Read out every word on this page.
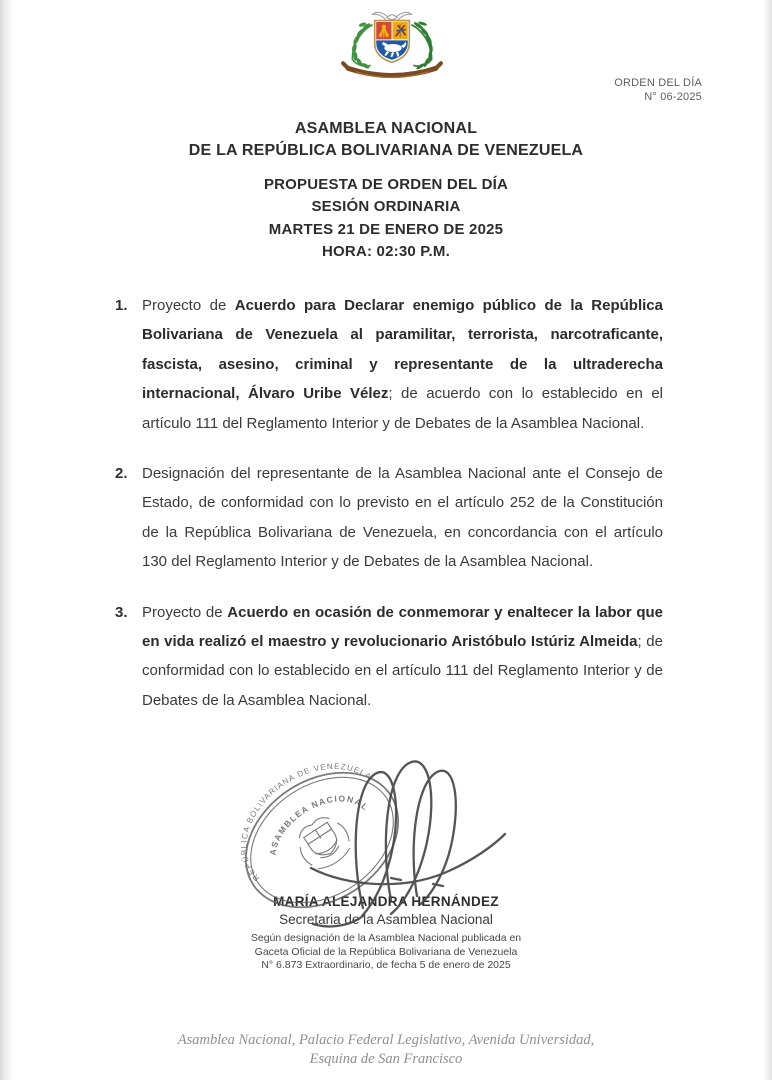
ORDEN DEL DÍA
N° 06-2025
ASAMBLEA NACIONAL
DE LA REPÚBLICA BOLIVARIANA DE VENEZUELA
PROPUESTA DE ORDEN DEL DÍA
SESIÓN ORDINARIA
MARTES 21 DE ENERO DE 2025
HORA: 02:30 P.M.
1. Proyecto de Acuerdo para Declarar enemigo público de la República Bolivariana de Venezuela al paramilitar, terrorista, narcotraficante, fascista, asesino, criminal y representante de la ultraderecha internacional, Álvaro Uribe Vélez; de acuerdo con lo establecido en el artículo 111 del Reglamento Interior y de Debates de la Asamblea Nacional.

2. Designación del representante de la Asamblea Nacional ante el Consejo de Estado, de conformidad con lo previsto en el artículo 252 de la Constitución de la República Bolivariana de Venezuela, en concordancia con el artículo 130 del Reglamento Interior y de Debates de la Asamblea Nacional.

3. Proyecto de Acuerdo en ocasión de conmemorar y enaltecer la labor que en vida realizó el maestro y revolucionario Aristóbulo Istúriz Almeida; de conformidad con lo establecido en el artículo 111 del Reglamento Interior y de Debates de la Asamblea Nacional.

REPÚBLICA BOLIVARIANA DE VENEZUELA
ASAMBLEA NACIONAL
MARÍA ALEJANDRA HERNÁNDEZ
Secretaria de la Asamblea Nacional
Según designación de la Asamblea Nacional publicada en
Gaceta Oficial de la República Bolivariana de Venezuela
N° 6.873 Extraordinario, de fecha 5 de enero de 2025
Asamblea Nacional, Palacio Federal Legislativo, Avenida Universidad,
Esquina de San Francisco
